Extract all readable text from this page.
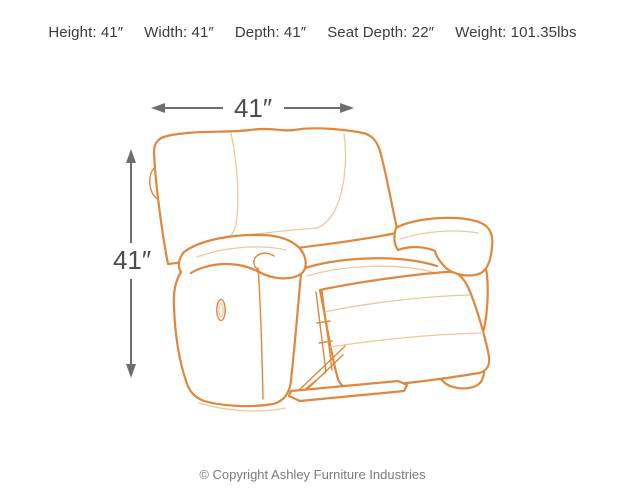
Height: 41″ Width: 41″ Depth: 41″ Seat Depth: 22″ Weight: 101.35lbs
41″
41″
© Copyright Ashley Furniture Industries
